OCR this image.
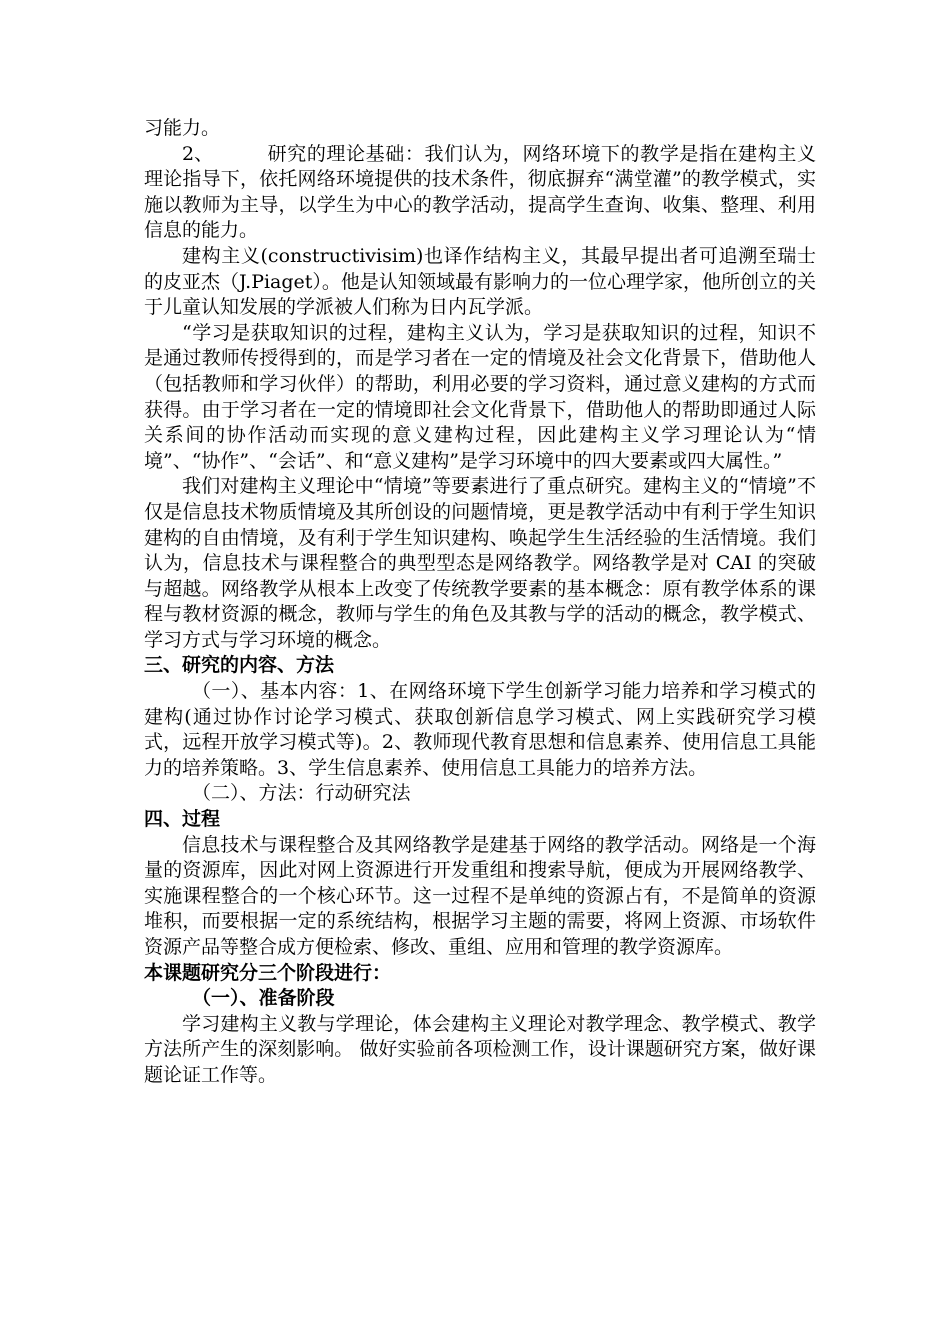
习能力。

2、	研究的理论基础：我们认为，网络环境下的教学是指在建构主义理论指导下，依托网络环境提供的技术条件，彻底摒弃“满堂灌”的教学模式，实施以教师为主导，以学生为中心的教学活动，提高学生查询、收集、整理、利用信息的能力。

建构主义(constructivisim)也译作结构主义，其最早提出者可追溯至瑞士的皮亚杰（J.Piaget）。他是认知领域最有影响力的一位心理学家，他所创立的关于儿童认知发展的学派被人们称为日内瓦学派。

“学习是获取知识的过程，建构主义认为，学习是获取知识的过程，知识不是通过教师传授得到的，而是学习者在一定的情境及社会文化背景下，借助他人（包括教师和学习伙伴）的帮助，利用必要的学习资料，通过意义建构的方式而获得。由于学习者在一定的情境即社会文化背景下，借助他人的帮助即通过人际关系间的协作活动而实现的意义建构过程，因此建构主义学习理论认为“情境”、“协作”、“会话”、和“意义建构”是学习环境中的四大要素或四大属性。”

我们对建构主义理论中“情境”等要素进行了重点研究。建构主义的“情境”不仅是信息技术物质情境及其所创设的问题情境，更是教学活动中有利于学生知识建构的自由情境，及有利于学生知识建构、唤起学生生活经验的生活情境。我们认为，信息技术与课程整合的典型型态是网络教学。网络教学是对 CAI 的突破与超越。网络教学从根本上改变了传统教学要素的基本概念：原有教学体系的课程与教材资源的概念，教师与学生的角色及其教与学的活动的概念，教学模式、学习方式与学习环境的概念。

三、研究的内容、方法

（一）、基本内容：1、在网络环境下学生创新学习能力培养和学习模式的建构(通过协作讨论学习模式、获取创新信息学习模式、网上实践研究学习模式，远程开放学习模式等)。2、教师现代教育思想和信息素养、使用信息工具能力的培养策略。3、学生信息素养、使用信息工具能力的培养方法。

（二）、方法：行动研究法

四、过程

信息技术与课程整合及其网络教学是建基于网络的教学活动。网络是一个海量的资源库，因此对网上资源进行开发重组和搜索导航，便成为开展网络教学、实施课程整合的一个核心环节。这一过程不是单纯的资源占有，不是简单的资源堆积，而要根据一定的系统结构，根据学习主题的需要，将网上资源、市场软件资源产品等整合成方便检索、修改、重组、应用和管理的教学资源库。

本课题研究分三个阶段进行：

（一）、准备阶段

学习建构主义教与学理论，体会建构主义理论对教学理念、教学模式、教学方法所产生的深刻影响。 做好实验前各项检测工作，设计课题研究方案，做好课题论证工作等。
